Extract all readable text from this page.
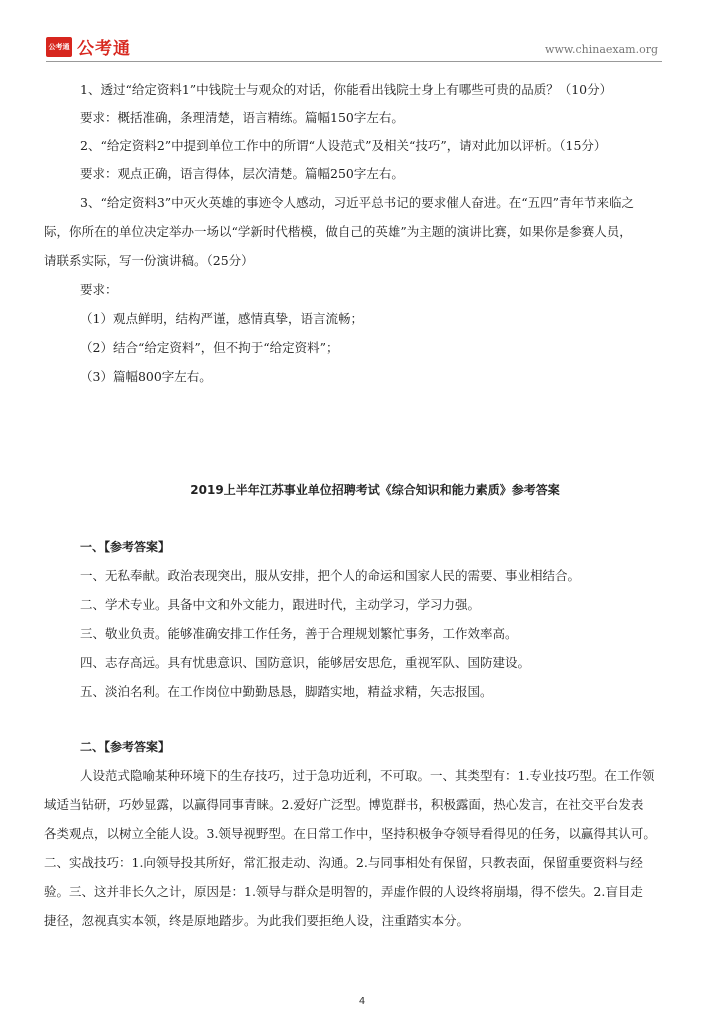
公考通 公考通	www.chinaexam.org
1、透过“给定资料1”中钱院士与观众的对话，你能看出钱院士身上有哪些可贵的品质？（10分）
要求：概括准确，条理清楚，语言精练。篇幅150字左右。
2、“给定资料2”中提到单位工作中的所谓“人设范式”及相关“技巧”，请对此加以评析。（15分）
要求：观点正确，语言得体，层次清楚。篇幅250字左右。
3、“给定资料3”中灭火英雄的事迹令人感动，习近平总书记的要求催人奋进。在“五四”青年节来临之
际，你所在的单位决定举办一场以“学新时代楷模，做自己的英雄”为主题的演讲比赛，如果你是参赛人员，
请联系实际，写一份演讲稿。（25分）
要求：
（1）观点鲜明，结构严谨，感情真挚，语言流畅；
（2）结合“给定资料”，但不拘于“给定资料”；
（3）篇幅800字左右。
2019上半年江苏事业单位招聘考试《综合知识和能力素质》参考答案
一、【参考答案】
一、无私奉献。政治表现突出，服从安排，把个人的命运和国家人民的需要、事业相结合。
二、学术专业。具备中文和外文能力，跟进时代，主动学习，学习力强。
三、敬业负责。能够准确安排工作任务，善于合理规划繁忙事务，工作效率高。
四、志存高远。具有忧患意识、国防意识，能够居安思危，重视军队、国防建设。
五、淡泊名利。在工作岗位中勤勤恳恳，脚踏实地，精益求精，矢志报国。
二、【参考答案】
人设范式隐喻某种环境下的生存技巧，过于急功近利，不可取。一、其类型有：1.专业技巧型。在工作领
域适当钻研，巧妙显露，以赢得同事青睐。2.爱好广泛型。博览群书，积极露面，热心发言，在社交平台发表
各类观点，以树立全能人设。3.领导视野型。在日常工作中，坚持积极争夺领导看得见的任务，以赢得其认可。
二、实战技巧：1.向领导投其所好，常汇报走动、沟通。2.与同事相处有保留，只教表面，保留重要资料与经
验。三、这并非长久之计，原因是：1.领导与群众是明智的，弄虚作假的人设终将崩塌，得不偿失。2.盲目走
捷径，忽视真实本领，终是原地踏步。为此我们要拒绝人设，注重踏实本分。
4
